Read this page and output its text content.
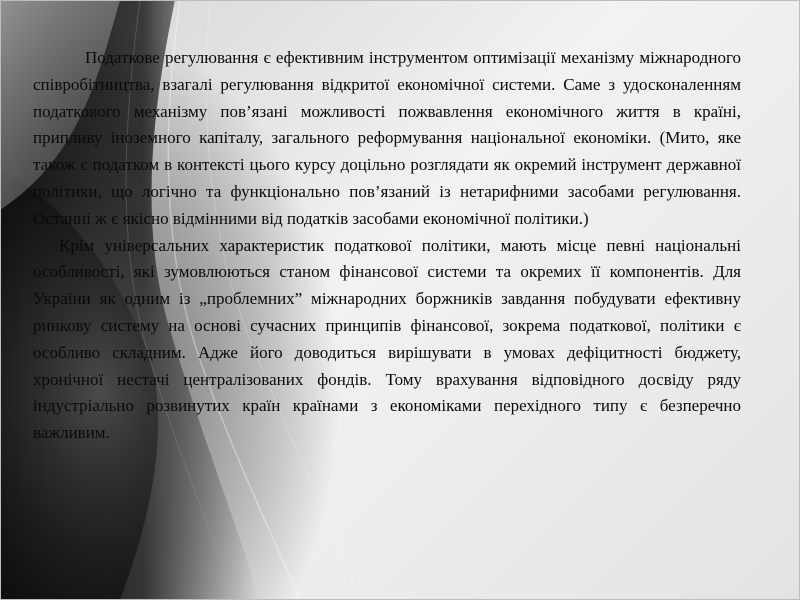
Податкове регулювання є ефективним інструментом оптимізації механізму міжнародного співробітництва, взагалі регулювання відкритої економічної системи. Саме з удосконаленням податкового механізму пов’язані можливості пожвавлення економічного життя в країні, припливу іноземного капіталу, загального реформування національної економіки. (Мито, яке також є податком в контексті цього курсу доцільно розглядати як окремий інструмент державної політики, що логічно та функціонально пов’язаний із нетарифними засобами регулювання. Останні ж є якісно відмінними від податків засобами економічної політики.)

Крім універсальних характеристик податкової політики, мають місце певні національні особливості, які зумовлюються станом фінансової системи та окремих її компонентів. Для України як одним із „проблемних” міжнародних боржників завдання побудувати ефективну ринкову систему на основі сучасних принципів фінансової, зокрема податкової, політики є особливо складним. Адже його доводиться вирішувати в умовах дефіцитності бюджету, хронічної нестачі централізованих фондів. Тому врахування відповідного досвіду ряду індустріально розвинутих країн країнами з економіками перехідного типу є безперечно важливим.
